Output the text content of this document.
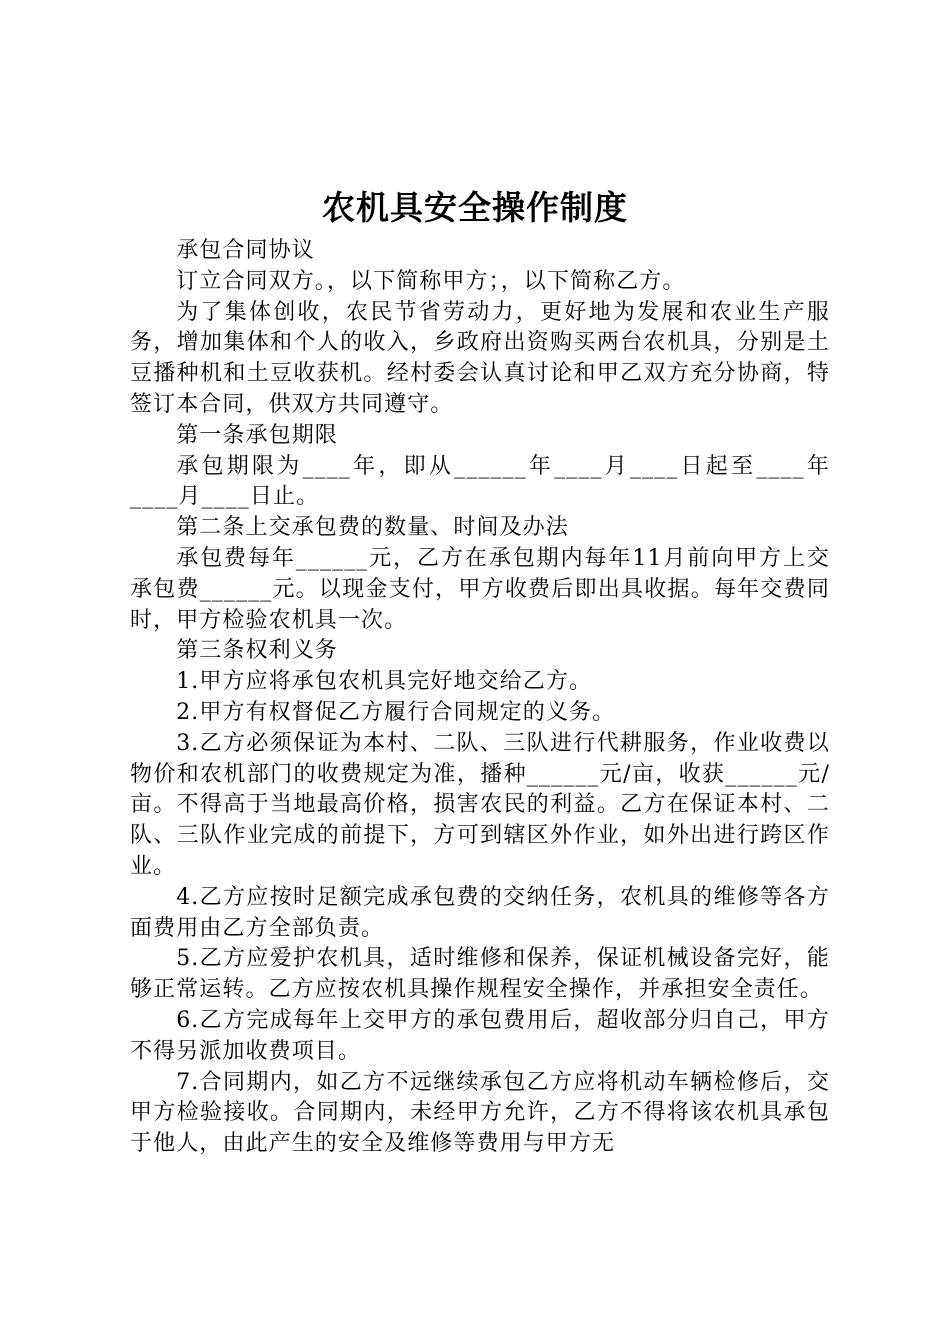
农机具安全操作制度

承包合同协议

订立合同双方。，以下简称甲方；，以下简称乙方。

为了集体创收，农民节省劳动力，更好地为发展和农业生产服务，增加集体和个人的收入，乡政府出资购买两台农机具，分别是土豆播种机和土豆收获机。经村委会认真讨论和甲乙双方充分协商，特签订本合同，供双方共同遵守。

第一条承包期限

承包期限为____年，即从______年____月____日起至____年____月____日止。

第二条上交承包费的数量、时间及办法

承包费每年______元，乙方在承包期内每年11月前向甲方上交承包费______元。以现金支付，甲方收费后即出具收据。每年交费同时，甲方检验农机具一次。

第三条权利义务

1.甲方应将承包农机具完好地交给乙方。

2.甲方有权督促乙方履行合同规定的义务。

3.乙方必须保证为本村、二队、三队进行代耕服务，作业收费以物价和农机部门的收费规定为准，播种______元/亩，收获______元/亩。不得高于当地最高价格，损害农民的利益。乙方在保证本村、二队、三队作业完成的前提下，方可到辖区外作业，如外出进行跨区作业。

4.乙方应按时足额完成承包费的交纳任务，农机具的维修等各方面费用由乙方全部负责。

5.乙方应爱护农机具，适时维修和保养，保证机械设备完好，能够正常运转。乙方应按农机具操作规程安全操作，并承担安全责任。

6.乙方完成每年上交甲方的承包费用后，超收部分归自己，甲方不得另派加收费项目。

7.合同期内，如乙方不远继续承包乙方应将机动车辆检修后，交甲方检验接收。合同期内，未经甲方允许，乙方不得将该农机具承包于他人，由此产生的安全及维修等费用与甲方无
